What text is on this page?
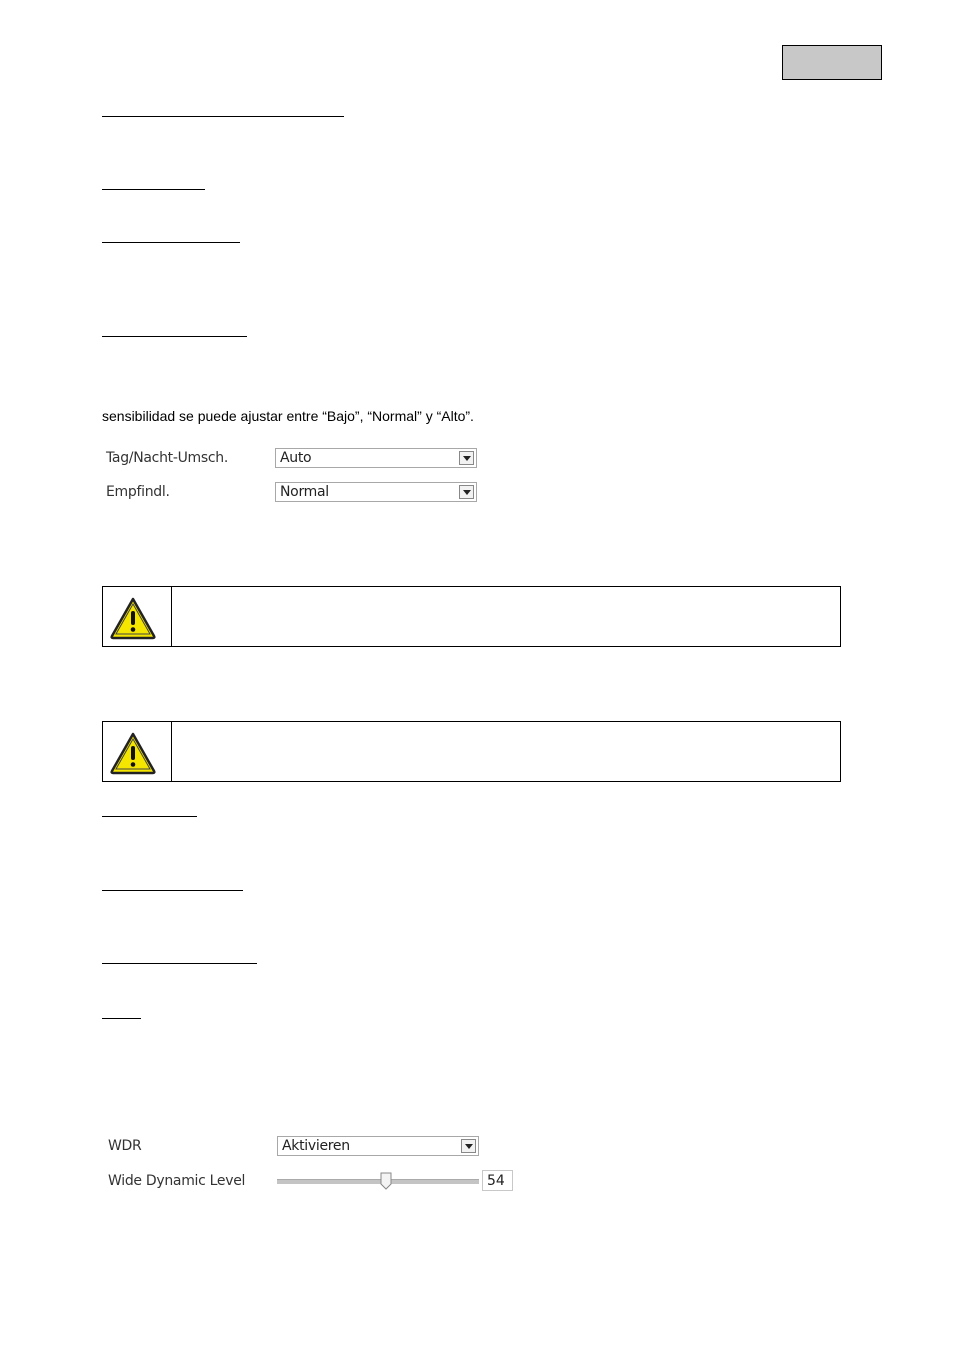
sensibilidad se puede ajustar entre “Bajo”, “Normal” y “Alto”.
Tag/Nacht-Umsch.	Auto
Empfindl.	Normal
WDR	Aktivieren
Wide Dynamic Level	54
